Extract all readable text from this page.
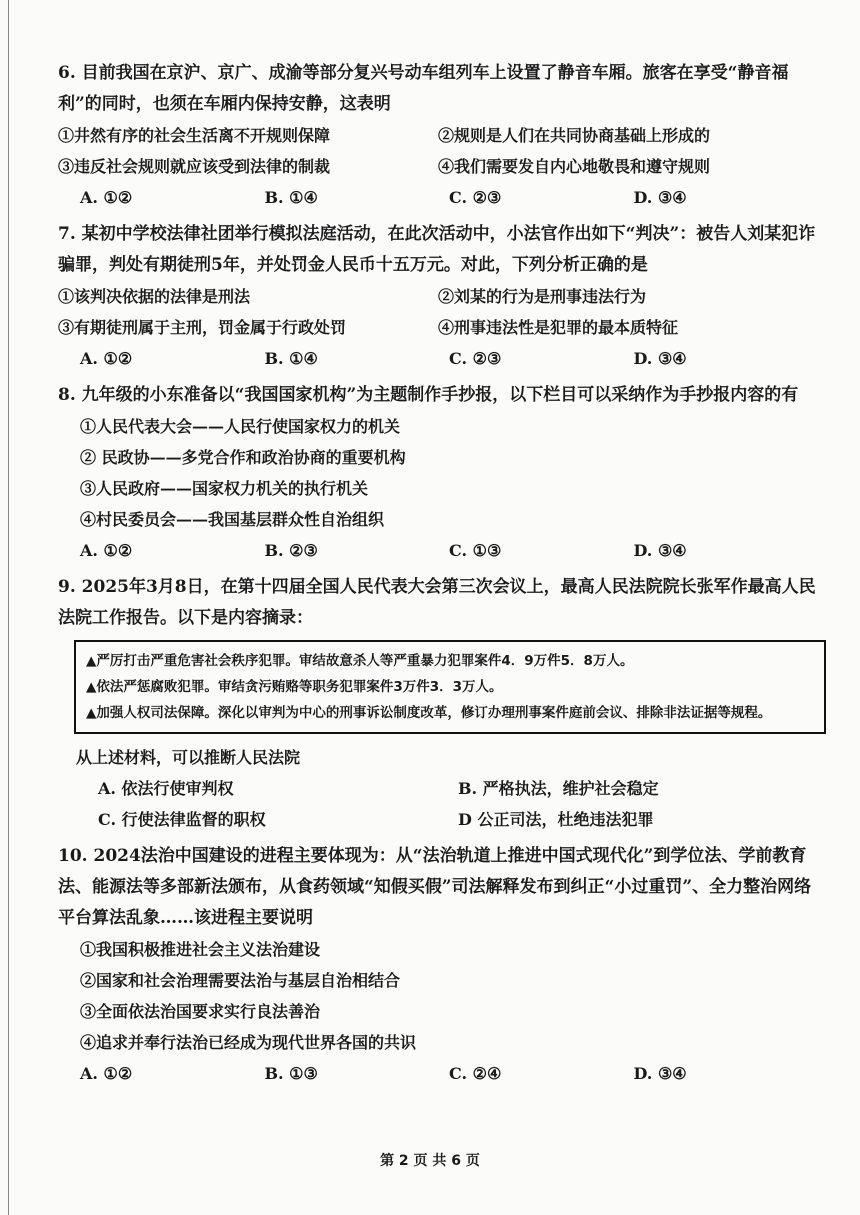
6. 目前我国在京沪、京广、成渝等部分复兴号动车组列车上设置了静音车厢。旅客在享受“静音福利”的同时，也须在车厢内保持安静，这表明
①井然有序的社会生活离不开规则保障	②规则是人们在共同协商基础上形成的
③违反社会规则就应该受到法律的制裁	④我们需要发自内心地敬畏和遵守规则
A. ①②	B. ①④	C. ②③	D. ③④
7. 某初中学校法律社团举行模拟法庭活动，在此次活动中，小法官作出如下“判决”：被告人刘某犯诈骗罪，判处有期徒刑5年，并处罚金人民币十五万元。对此，下列分析正确的是
①该判决依据的法律是刑法	②刘某的行为是刑事违法行为
③有期徒刑属于主刑，罚金属于行政处罚	④刑事违法性是犯罪的最本质特征
A. ①②	B. ①④	C. ②③	D. ③④
8. 九年级的小东准备以“我国国家机构”为主题制作手抄报，以下栏目可以采纳作为手抄报内容的有
①人民代表大会——人民行使国家权力的机关
② 民政协——多党合作和政治协商的重要机构
③人民政府——国家权力机关的执行机关
④村民委员会——我国基层群众性自治组织
A. ①②	B. ②③	C. ①③	D. ③④
9. 2025年3月8日，在第十四届全国人民代表大会第三次会议上，最高人民法院院长张军作最高人民法院工作报告。以下是内容摘录：
▲严厉打击严重危害社会秩序犯罪。审结故意杀人等严重暴力犯罪案件4．9万件5．8万人。
▲依法严惩腐败犯罪。审结贪污贿赂等职务犯罪案件3万件3．3万人。
▲加强人权司法保障。深化以审判为中心的刑事诉讼制度改革，修订办理刑事案件庭前会议、排除非法证据等规程。
从上述材料，可以推断人民法院
A. 依法行使审判权	B. 严格执法，维护社会稳定
C. 行使法律监督的职权	D 公正司法，杜绝违法犯罪
10. 2024法治中国建设的进程主要体现为：从“法治轨道上推进中国式现代化”到学位法、学前教育法、能源法等多部新法颁布，从食药领域“知假买假”司法解释发布到纠正“小过重罚”、全力整治网络平台算法乱象……该进程主要说明
①我国积极推进社会主义法治建设
②国家和社会治理需要法治与基层自治相结合
③全面依法治国要求实行良法善治
④追求并奉行法治已经成为现代世界各国的共识
A. ①②	B. ①③	C. ②④	D. ③④
第 2 页 共 6 页
